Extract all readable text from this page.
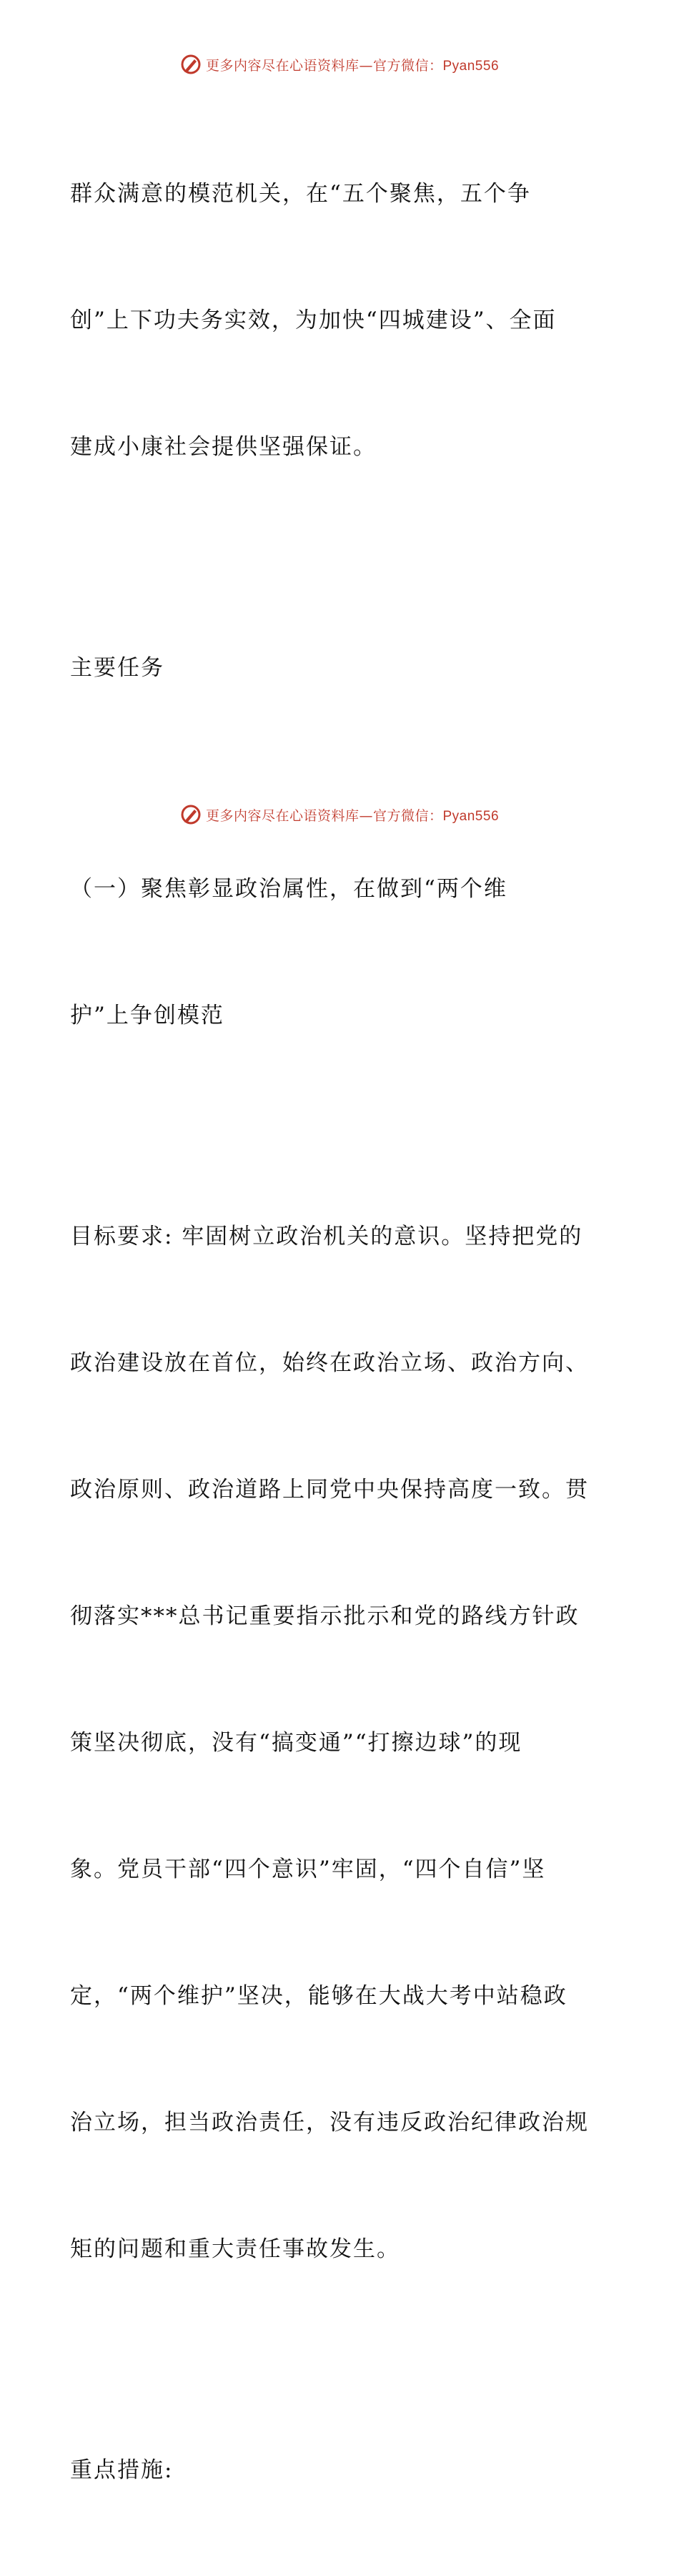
更多内容尽在心语资料库—官方微信：Pyan556

群众满意的模范机关，在“五个聚焦，五个争

创”上下功夫务实效，为加快“四城建设”、全面

建成小康社会提供坚强保证。

主要任务

（一）聚焦彰显政治属性，在做到“两个维

护”上争创模范

目标要求: 牢固树立政治机关的意识。坚持把党的

政治建设放在首位，始终在政治立场、政治方向、

政治原则、政治道路上同党中央保持高度一致。贯

彻落实***总书记重要指示批示和党的路线方针政

策坚决彻底，没有“搞变通”“打擦边球”的现

象。党员干部“四个意识”牢固，“四个自信”坚

定，“两个维护”坚决，能够在大战大考中站稳政

治立场，担当政治责任，没有违反政治纪律政治规

矩的问题和重大责任事故发生。

重点措施:

更多内容尽在心语资料库—官方微信：Pyan556
